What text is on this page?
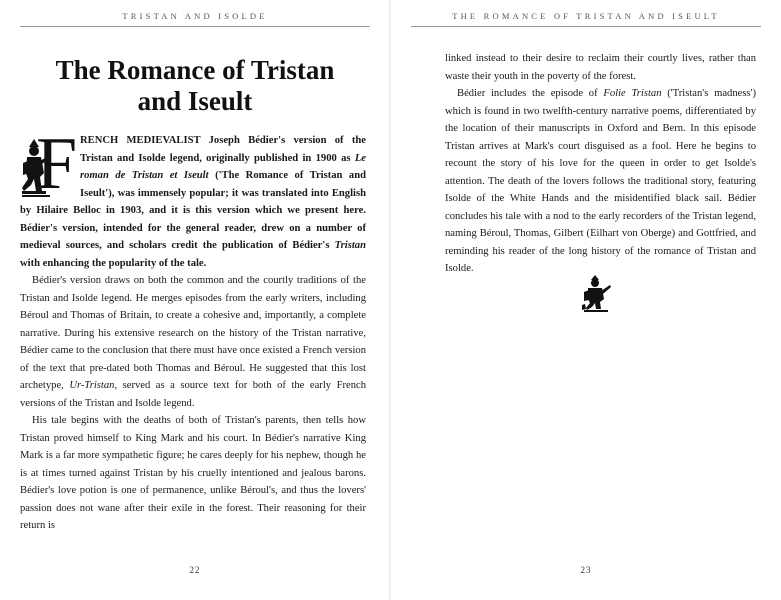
TRISTAN AND ISOLDE
The Romance of Tristan
and Iseult
F RENCH MEDIEVALIST Joseph Bédier's version of the Tristan and Isolde legend, originally published in 1900 as Le roman de Tristan et Iseult ('The Romance of Tristan and Iseult'), was immensely popular; it was translated into English by Hilaire Belloc in 1903, and it is this version which we present here. Bédier's version, intended for the general reader, drew on a number of medieval sources, and scholars credit the publication of Bédier's Tristan with enhancing the popularity of the tale.

Bédier's version draws on both the common and the courtly traditions of the Tristan and Isolde legend. He merges episodes from the early writers, including Béroul and Thomas of Britain, to create a cohesive and, importantly, a complete narrative. During his extensive research on the history of the Tristan narrative, Bédier came to the conclusion that there must have once existed a French version of the text that pre-dated both Thomas and Béroul. He suggested that this lost archetype, Ur-Tristan, served as a source text for both of the early French versions of the Tristan and Isolde legend.

His tale begins with the deaths of both of Tristan's parents, then tells how Tristan proved himself to King Mark and his court. In Bédier's narrative King Mark is a far more sympathetic figure; he cares deeply for his nephew, though he is at times turned against Tristan by his cruelly intentioned and jealous barons. Bédier's love potion is one of permanence, unlike Béroul's, and thus the lovers' passion does not wane after their exile in the forest. Their reasoning for their return is

22
THE ROMANCE OF TRISTAN AND ISEULT

linked instead to their desire to reclaim their courtly lives, rather than waste their youth in the poverty of the forest.

Bédier includes the episode of Folie Tristan ('Tristan's madness') which is found in two twelfth-century narrative poems, differentiated by the location of their manuscripts in Oxford and Bern. In this episode Tristan arrives at Mark's court disguised as a fool. Here he begins to recount the story of his love for the queen in order to get Isolde's attention. The death of the lovers follows the traditional story, featuring Isolde of the White Hands and the misidentified black sail. Bédier concludes his tale with a nod to the early recorders of the Tristan legend, naming Béroul, Thomas, Gilbert (Eilhart von Oberge) and Gottfried, and reminding his reader of the long history of the romance of Tristan and Isolde.

23
